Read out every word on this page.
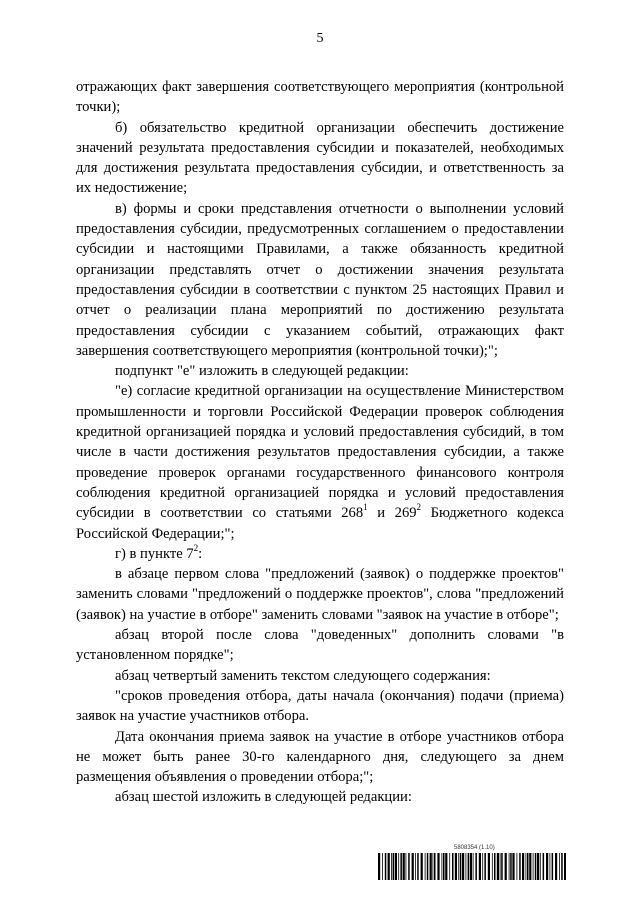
5

отражающих факт завершения соответствующего мероприятия (контрольной точки);

б) обязательство кредитной организации обеспечить достижение значений результата предоставления субсидии и показателей, необходимых для достижения результата предоставления субсидии, и ответственность за их недостижение;

в) формы и сроки представления отчетности о выполнении условий предоставления субсидии, предусмотренных соглашением о предоставлении субсидии и настоящими Правилами, а также обязанность кредитной организации представлять отчет о достижении значения результата предоставления субсидии в соответствии с пунктом 25 настоящих Правил и отчет о реализации плана мероприятий по достижению результата предоставления субсидии с указанием событий, отражающих факт завершения соответствующего мероприятия (контрольной точки);";

подпункт "е" изложить в следующей редакции:

"е) согласие кредитной организации на осуществление Министерством промышленности и торговли Российской Федерации проверок соблюдения кредитной организацией порядка и условий предоставления субсидий, в том числе в части достижения результатов предоставления субсидии, а также проведение проверок органами государственного финансового контроля соблюдения кредитной организацией порядка и условий предоставления субсидии в соответствии со статьями $268^1$ и $269^2$ Бюджетного кодекса Российской Федерации;";

г) в пункте $7^2$:

в абзаце первом слова "предложений (заявок) о поддержке проектов" заменить словами "предложений о поддержке проектов", слова "предложений (заявок) на участие в отборе" заменить словами "заявок на участие в отборе";

абзац второй после слова "доведенных" дополнить словами "в установленном порядке";

абзац четвертый заменить текстом следующего содержания:

"сроков проведения отбора, даты начала (окончания) подачи (приема) заявок на участие участников отбора.

Дата окончания приема заявок на участие в отборе участников отбора не может быть ранее 30-го календарного дня, следующего за днем размещения объявления о проведении отбора;";

абзац шестой изложить в следующей редакции:

5808354 (1.10)
